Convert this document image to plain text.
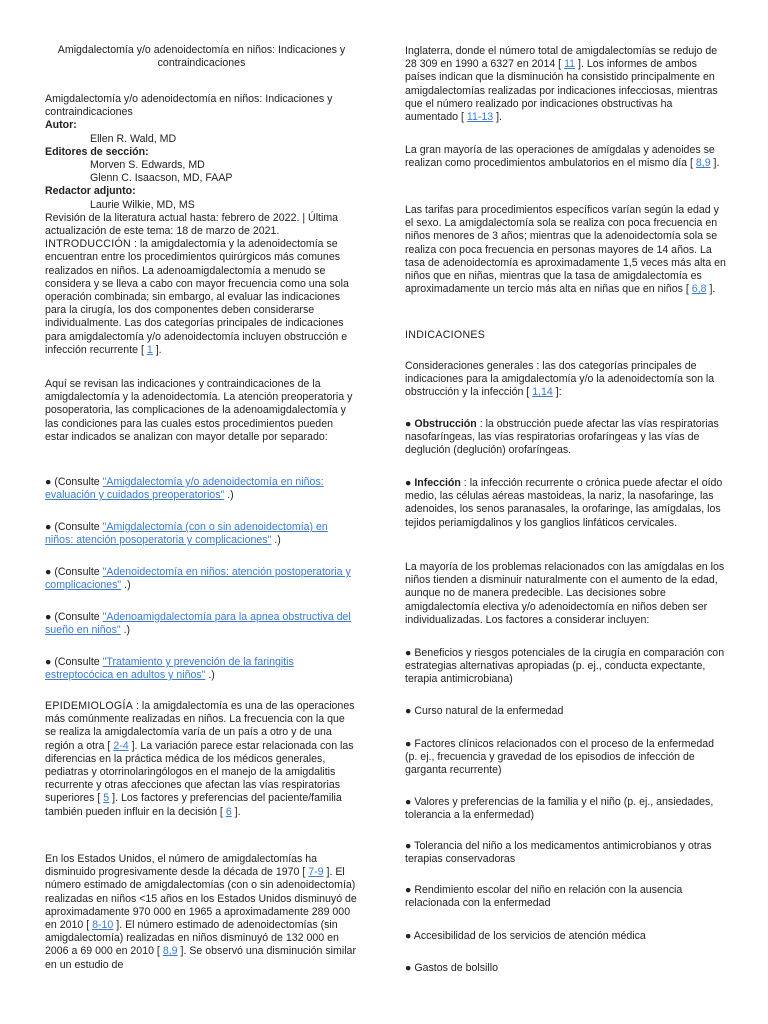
Amigdalectomía y/o adenoidectomía en niños: Indicaciones y contraindicaciones

Amigdalectomía y/o adenoidectomía en niños: Indicaciones y contraindicaciones

Autor:

Ellen R. Wald, MD

Editores de sección:

Morven S. Edwards, MD

Glenn C. Isaacson, MD, FAAP

Redactor adjunto:

Laurie Wilkie, MD, MS

Revisión de la literatura actual hasta: febrero de 2022. | Última actualización de este tema: 18 de marzo de 2021.

INTRODUCCIÓN : la amigdalectomía y la adenoidectomía se encuentran entre los procedimientos quirúrgicos más comunes realizados en niños. La adenoamigdalectomía a menudo se considera y se lleva a cabo con mayor frecuencia como una sola operación combinada; sin embargo, al evaluar las indicaciones para la cirugía, los dos componentes deben considerarse individualmente. Las dos categorías principales de indicaciones para amigdalectomía y/o adenoidectomía incluyen obstrucción e infección recurrente [ 1 ].

Aquí se revisan las indicaciones y contraindicaciones de la amigdalectomía y la adenoidectomía. La atención preoperatoria y posoperatoria, las complicaciones de la adenoamigdalectomía y las condiciones para las cuales estos procedimientos pueden estar indicados se analizan con mayor detalle por separado:

● (Consulte "Amigdalectomía y/o adenoidectomía en niños: evaluación y cuidados preoperatorios" .)

● (Consulte "Amigdalectomía (con o sin adenoidectomía) en niños: atención posoperatoria y complicaciones" .)

● (Consulte "Adenoidectomía en niños: atención postoperatoria y complicaciones" .)

● (Consulte "Adenoamigdalectomía para la apnea obstructiva del sueño en niños" .)

● (Consulte "Tratamiento y prevención de la faringitis estreptocócica en adultos y niños" .)

EPIDEMIOLOGÍA : la amigdalectomía es una de las operaciones más comúnmente realizadas en niños. La frecuencia con la que se realiza la amigdalectomía varía de un país a otro y de una región a otra [ 2-4 ]. La variación parece estar relacionada con las diferencias en la práctica médica de los médicos generales, pediatras y otorrinolaringólogos en el manejo de la amigdalitis recurrente y otras afecciones que afectan las vías respiratorias superiores [ 5 ]. Los factores y preferencias del paciente/familia también pueden influir en la decisión [ 6 ].

En los Estados Unidos, el número de amigdalectomías ha disminuido progresivamente desde la década de 1970 [ 7-9 ]. El número estimado de amigdalectomías (con o sin adenoidectomía) realizadas en niños <15 años en los Estados Unidos disminuyó de aproximadamente 970 000 en 1965 a aproximadamente 289 000 en 2010 [ 8-10 ]. El número estimado de adenoidectomías (sin amigdalectomía) realizadas en niños disminuyó de 132 000 en 2006 a 69 000 en 2010 [ 8,9 ]. Se observó una disminución similar en un estudio de

Inglaterra, donde el número total de amigdalectomías se redujo de 28 309 en 1990 a 6327 en 2014 [ 11 ]. Los informes de ambos países indican que la disminución ha consistido principalmente en amigdalectomías realizadas por indicaciones infecciosas, mientras que el número realizado por indicaciones obstructivas ha aumentado [ 11-13 ].

La gran mayoría de las operaciones de amígdalas y adenoides se realizan como procedimientos ambulatorios en el mismo día [ 8,9 ].

Las tarifas para procedimientos específicos varían según la edad y el sexo. La amigdalectomía sola se realiza con poca frecuencia en niños menores de 3 años; mientras que la adenoidectomía sola se realiza con poca frecuencia en personas mayores de 14 años. La tasa de adenoidectomía es aproximadamente 1,5 veces más alta en niños que en niñas, mientras que la tasa de amigdalectomía es aproximadamente un tercio más alta en niñas que en niños [ 6,8 ].

INDICACIONES

Consideraciones generales : las dos categorías principales de indicaciones para la amigdalectomía y/o la adenoidectomía son la obstrucción y la infección [ 1,14 ]:

● Obstrucción : la obstrucción puede afectar las vías respiratorias nasofaríngeas, las vías respiratorias orofaríngeas y las vías de deglución (deglución) orofaríngeas.

● Infección : la infección recurrente o crónica puede afectar el oído medio, las células aéreas mastoideas, la nariz, la nasofaringe, las adenoides, los senos paranasales, la orofaringe, las amígdalas, los tejidos periamigdalinos y los ganglios linfáticos cervicales.

La mayoría de los problemas relacionados con las amígdalas en los niños tienden a disminuir naturalmente con el aumento de la edad, aunque no de manera predecible. Las decisiones sobre amigdalectomía electiva y/o adenoidectomía en niños deben ser individualizadas. Los factores a considerar incluyen:

● Beneficios y riesgos potenciales de la cirugía en comparación con estrategias alternativas apropiadas (p. ej., conducta expectante, terapia antimicrobiana)

● Curso natural de la enfermedad

● Factores clínicos relacionados con el proceso de la enfermedad (p. ej., frecuencia y gravedad de los episodios de infección de garganta recurrente)

● Valores y preferencias de la familia y el niño (p. ej., ansiedades, tolerancia a la enfermedad)

● Tolerancia del niño a los medicamentos antimicrobianos y otras terapias conservadoras

● Rendimiento escolar del niño en relación con la ausencia relacionada con la enfermedad

● Accesibilidad de los servicios de atención médica

● Gastos de bolsillo
